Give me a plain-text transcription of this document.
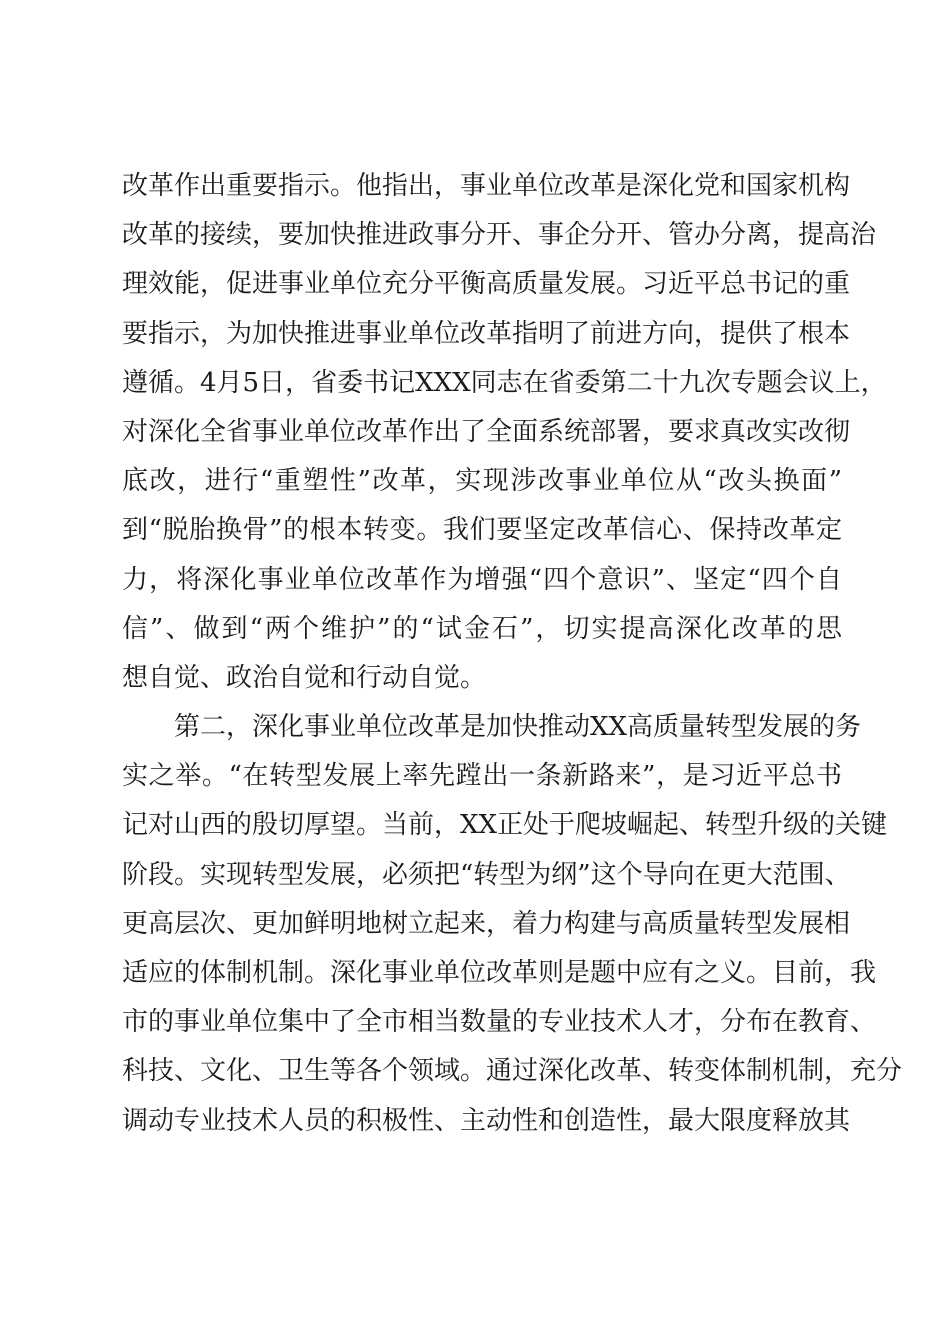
改革作出重要指示。他指出，事业单位改革是深化党和国家机构
改革的接续，要加快推进政事分开、事企分开、管办分离，提高治
理效能，促进事业单位充分平衡高质量发展。习近平总书记的重
要指示，为加快推进事业单位改革指明了前进方向，提供了根本
遵循。4月5日，省委书记XXX同志在省委第二十九次专题会议上，
对深化全省事业单位改革作出了全面系统部署，要求真改实改彻
底改，进行“重塑性”改革，实现涉改事业单位从“改头换面”
到“脱胎换骨”的根本转变。我们要坚定改革信心、保持改革定
力，将深化事业单位改革作为增强“四个意识”、坚定“四个自
信”、做到“两个维护”的“试金石”，切实提高深化改革的思
想自觉、政治自觉和行动自觉。
第二，深化事业单位改革是加快推动XX高质量转型发展的务
实之举。“在转型发展上率先蹚出一条新路来”，是习近平总书
记对山西的殷切厚望。当前，XX正处于爬坡崛起、转型升级的关键
阶段。实现转型发展，必须把“转型为纲”这个导向在更大范围、
更高层次、更加鲜明地树立起来，着力构建与高质量转型发展相
适应的体制机制。深化事业单位改革则是题中应有之义。目前，我
市的事业单位集中了全市相当数量的专业技术人才，分布在教育、
科技、文化、卫生等各个领域。通过深化改革、转变体制机制，充分
调动专业技术人员的积极性、主动性和创造性，最大限度释放其
